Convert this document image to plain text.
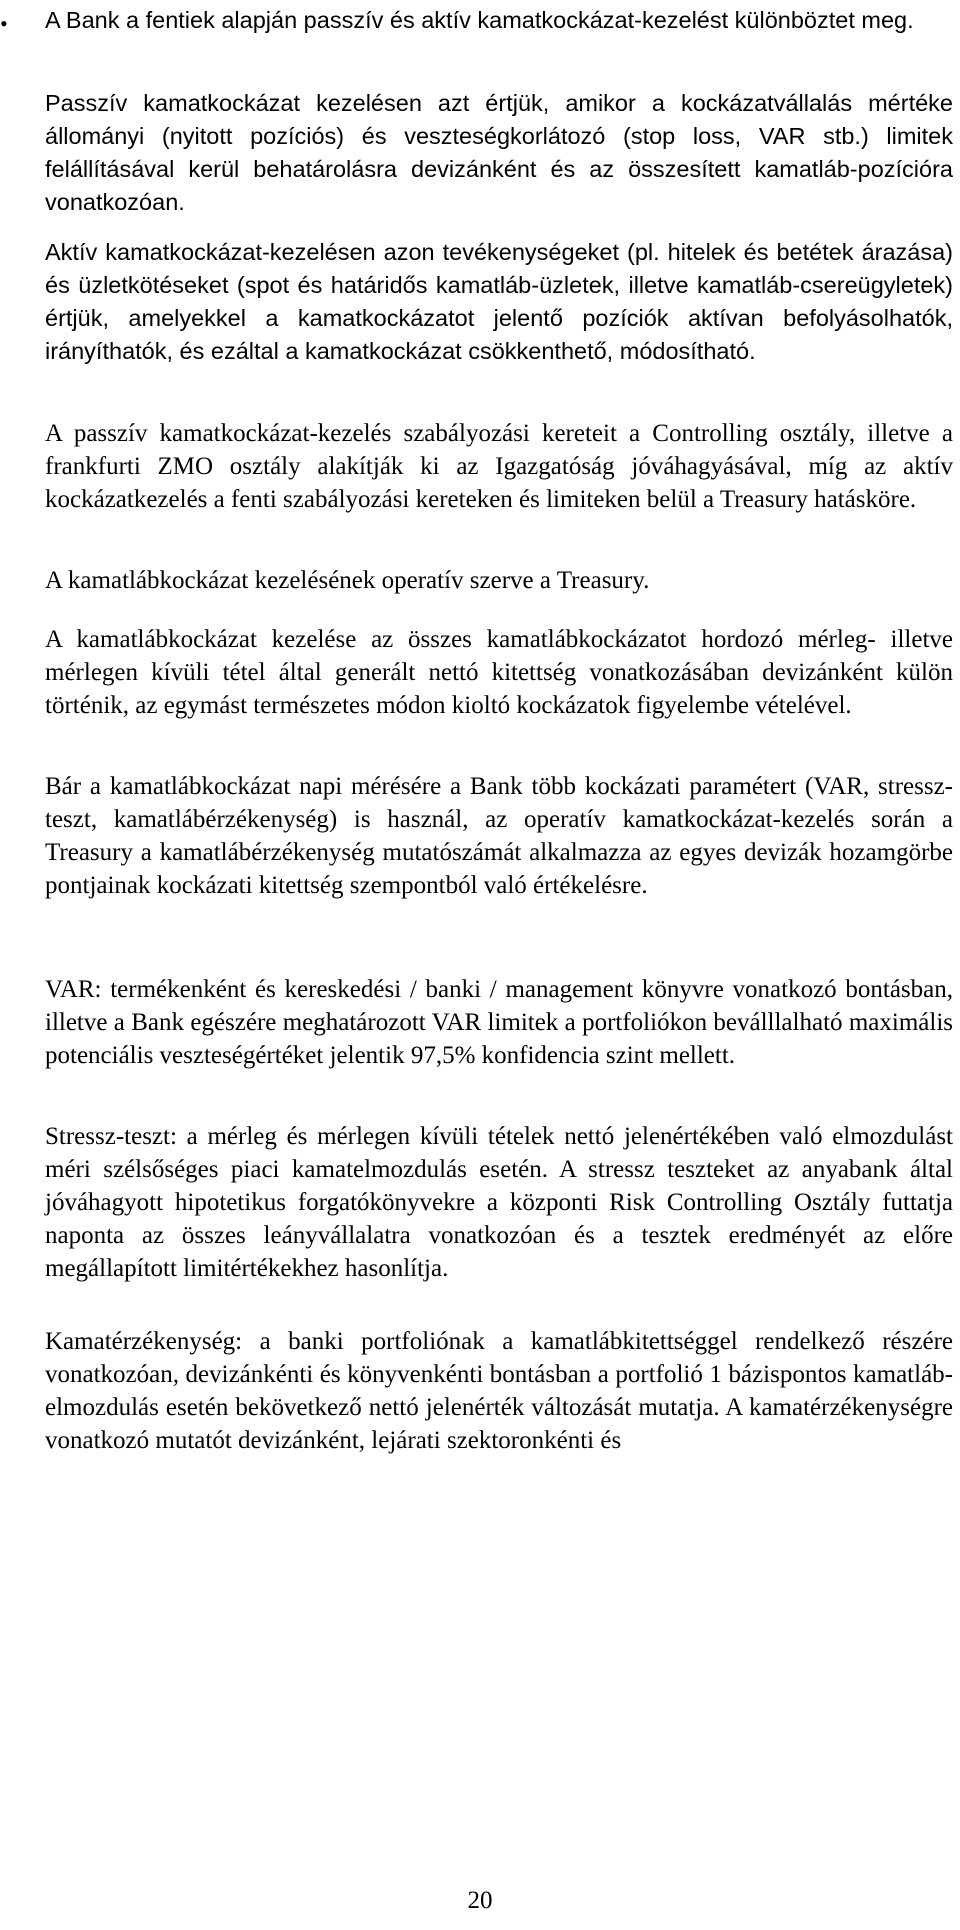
• A Bank a fentiek alapján passzív és aktív kamatkockázat-kezelést különböztet meg.

Passzív kamatkockázat kezelésen azt értjük, amikor a kockázatvállalás mértéke állományi (nyitott pozíciós) és veszteségkorlátozó (stop loss, VAR stb.) limitek felállításával kerül behatárolásra devizánként és az összesített kamatláb-pozícióra vonatkozóan.

Aktív kamatkockázat-kezelésen azon tevékenységeket (pl. hitelek és betétek árazása) és üzletkötéseket (spot és határidős kamatláb-üzletek, illetve kamatláb-csereügyletek) értjük, amelyekkel a kamatkockázatot jelentő pozíciók aktívan befolyásolhatók, irányíthatók, és ezáltal a kamatkockázat csökkenthető, módosítható.

A passzív kamatkockázat-kezelés szabályozási kereteit a Controlling osztály, illetve a frankfurti ZMO osztály alakítják ki az Igazgatóság jóváhagyásával, míg az aktív kockázatkezelés a fenti szabályozási kereteken és limiteken belül a Treasury hatásköre.

A kamatlábkockázat kezelésének operatív szerve a Treasury.

A kamatlábkockázat kezelése az összes kamatlábkockázatot hordozó mérleg- illetve mérlegen kívüli tétel által generált nettó kitettség vonatkozásában devizánként külön történik, az egymást természetes módon kioltó kockázatok figyelembe vételével.

Bár a kamatlábkockázat napi mérésére a Bank több kockázati paramétert (VAR, stressz-teszt, kamatlábérzékenység) is használ, az operatív kamatkockázat-kezelés során a Treasury a kamatlábérzékenység mutatószámát alkalmazza az egyes devizák hozamgörbe pontjainak kockázati kitettség szempontból való értékelésre.

VAR: termékenként és kereskedési / banki / management könyvre vonatkozó bontásban, illetve a Bank egészére meghatározott VAR limitek a portfoliókon beválllalható maximális potenciális veszteségértéket jelentik 97,5% konfidencia szint mellett.

Stressz-teszt: a mérleg és mérlegen kívüli tételek nettó jelenértékében való elmozdulást méri szélsőséges piaci kamatelmozdulás esetén. A stressz teszteket az anyabank által jóváhagyott hipotetikus forgatókönyvekre a központi Risk Controlling Osztály futtatja naponta az összes leányvállalatra vonatkozóan és a tesztek eredményét az előre megállapított limitértékekhez hasonlítja.

Kamatérzékenység: a banki portfoliónak a kamatlábkitettséggel rendelkező részére vonatkozóan, devizánkénti és könyvenkénti bontásban a portfolió 1 bázispontos kamatláb-elmozdulás esetén bekövetkező nettó jelenérték változását mutatja. A kamatérzékenységre vonatkozó mutatót devizánként, lejárati szektoronkénti és

20
